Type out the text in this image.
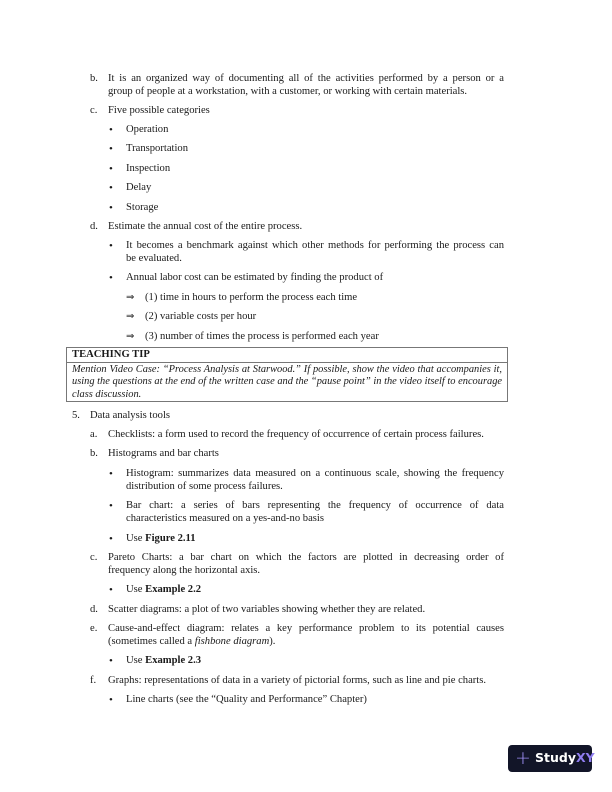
b. It is an organized way of documenting all of the activities performed by a person or a
group of people at a workstation, with a customer, or working with certain materials.
c. Five possible categories
• Operation
• Transportation
• Inspection
• Delay
• Storage
d. Estimate the annual cost of the entire process.
• It becomes a benchmark against which other methods for performing the process can
be evaluated.
• Annual labor cost can be estimated by finding the product of
⇒ (1) time in hours to perform the process each time
⇒ (2) variable costs per hour
⇒ (3) number of times the process is performed each year
TEACHING TIP
Mention Video Case: “Process Analysis at Starwood.” If possible, show the video that accompanies it, using the questions at the end of the written case and the “pause point” in the video itself to encourage class discussion.
5. Data analysis tools
a. Checklists: a form used to record the frequency of occurrence of certain process failures.
b. Histograms and bar charts
• Histogram: summarizes data measured on a continuous scale, showing the frequency
distribution of some process failures.
• Bar chart: a series of bars representing the frequency of occurrence of data
characteristics measured on a yes-and-no basis
• Use Figure 2.11
c. Pareto Charts: a bar chart on which the factors are plotted in decreasing order of
frequency along the horizontal axis.
• Use Example 2.2
d. Scatter diagrams: a plot of two variables showing whether they are related.
e. Cause-and-effect diagram: relates a key performance problem to its potential causes
(sometimes called a fishbone diagram).
• Use Example 2.3
f. Graphs: representations of data in a variety of pictorial forms, such as line and pie charts.
• Line charts (see the “Quality and Performance” Chapter)
+ StudyXY
